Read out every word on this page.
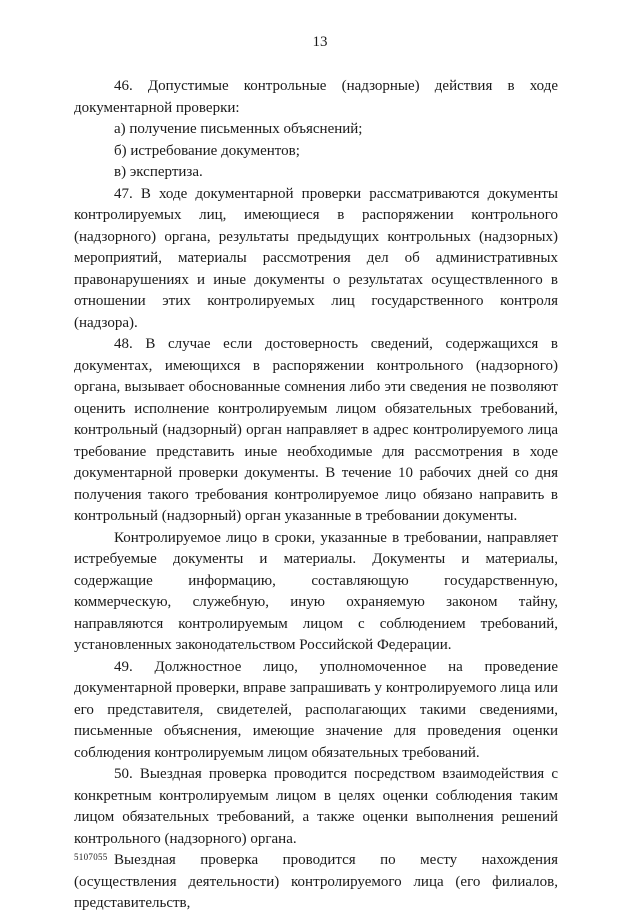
13

46. Допустимые контрольные (надзорные) действия в ходе документарной проверки:

а) получение письменных объяснений;

б) истребование документов;

в) экспертиза.

47. В ходе документарной проверки рассматриваются документы контролируемых лиц, имеющиеся в распоряжении контрольного (надзорного) органа, результаты предыдущих контрольных (надзорных) мероприятий, материалы рассмотрения дел об административных правонарушениях и иные документы о результатах осуществленного в отношении этих контролируемых лиц государственного контроля (надзора).

48. В случае если достоверность сведений, содержащихся в документах, имеющихся в распоряжении контрольного (надзорного) органа, вызывает обоснованные сомнения либо эти сведения не позволяют оценить исполнение контролируемым лицом обязательных требований, контрольный (надзорный) орган направляет в адрес контролируемого лица требование представить иные необходимые для рассмотрения в ходе документарной проверки документы. В течение 10 рабочих дней со дня получения такого требования контролируемое лицо обязано направить в контрольный (надзорный) орган указанные в требовании документы.

Контролируемое лицо в сроки, указанные в требовании, направляет истребуемые документы и материалы. Документы и материалы, содержащие информацию, составляющую государственную, коммерческую, служебную, иную охраняемую законом тайну, направляются контролируемым лицом с соблюдением требований, установленных законодательством Российской Федерации.

49. Должностное лицо, уполномоченное на проведение документарной проверки, вправе запрашивать у контролируемого лица или его представителя, свидетелей, располагающих такими сведениями, письменные объяснения, имеющие значение для проведения оценки соблюдения контролируемым лицом обязательных требований.

50. Выездная проверка проводится посредством взаимодействия с конкретным контролируемым лицом в целях оценки соблюдения таким лицом обязательных требований, а также оценки выполнения решений контрольного (надзорного) органа.

Выездная проверка проводится по месту нахождения (осуществления деятельности) контролируемого лица (его филиалов, представительств,

5107055
